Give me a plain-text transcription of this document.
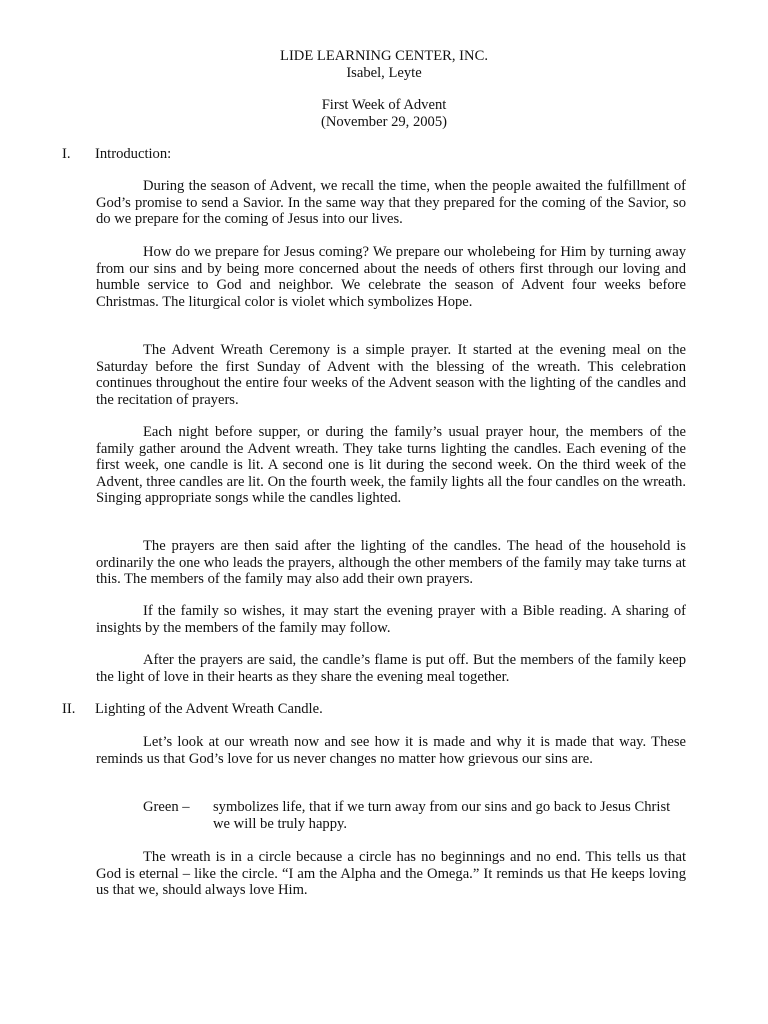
LIDE LEARNING CENTER, INC.
Isabel, Leyte
First Week of Advent
(November 29, 2005)
I. Introduction:

During the season of Advent, we recall the time, when the people awaited the fulfillment of God’s promise to send a Savior. In the same way that they prepared for the coming of the Savior, so do we prepare for the coming of Jesus into our lives.

How do we prepare for Jesus coming? We prepare our wholebeing for Him by turning away from our sins and by being more concerned about the needs of others first through our loving and humble service to God and neighbor. We celebrate the season of Advent four weeks before Christmas. The liturgical color is violet which symbolizes Hope.

The Advent Wreath Ceremony is a simple prayer. It started at the evening meal on the Saturday before the first Sunday of Advent with the blessing of the wreath. This celebration continues throughout the entire four weeks of the Advent season with the lighting of the candles and the recitation of prayers.

Each night before supper, or during the family’s usual prayer hour, the members of the family gather around the Advent wreath. They take turns lighting the candles. Each evening of the first week, one candle is lit. A second one is lit during the second week. On the third week of the Advent, three candles are lit. On the fourth week, the family lights all the four candles on the wreath. Singing appropriate songs while the candles lighted.

The prayers are then said after the lighting of the candles. The head of the household is ordinarily the one who leads the prayers, although the other members of the family may take turns at this. The members of the family may also add their own prayers.

If the family so wishes, it may start the evening prayer with a Bible reading. A sharing of insights by the members of the family may follow.

After the prayers are said, the candle’s flame is put off. But the members of the family keep the light of love in their hearts as they share the evening meal together.

II. Lighting of the Advent Wreath Candle.

Let’s look at our wreath now and see how it is made and why it is made that way. These reminds us that God’s love for us never changes no matter how grievous our sins are.

Green – symbolizes life, that if we turn away from our sins and go back to Jesus Christ we will be truly happy.

The wreath is in a circle because a circle has no beginnings and no end. This tells us that God is eternal – like the circle. “I am the Alpha and the Omega.” It reminds us that He keeps loving us that we, should always love Him.
